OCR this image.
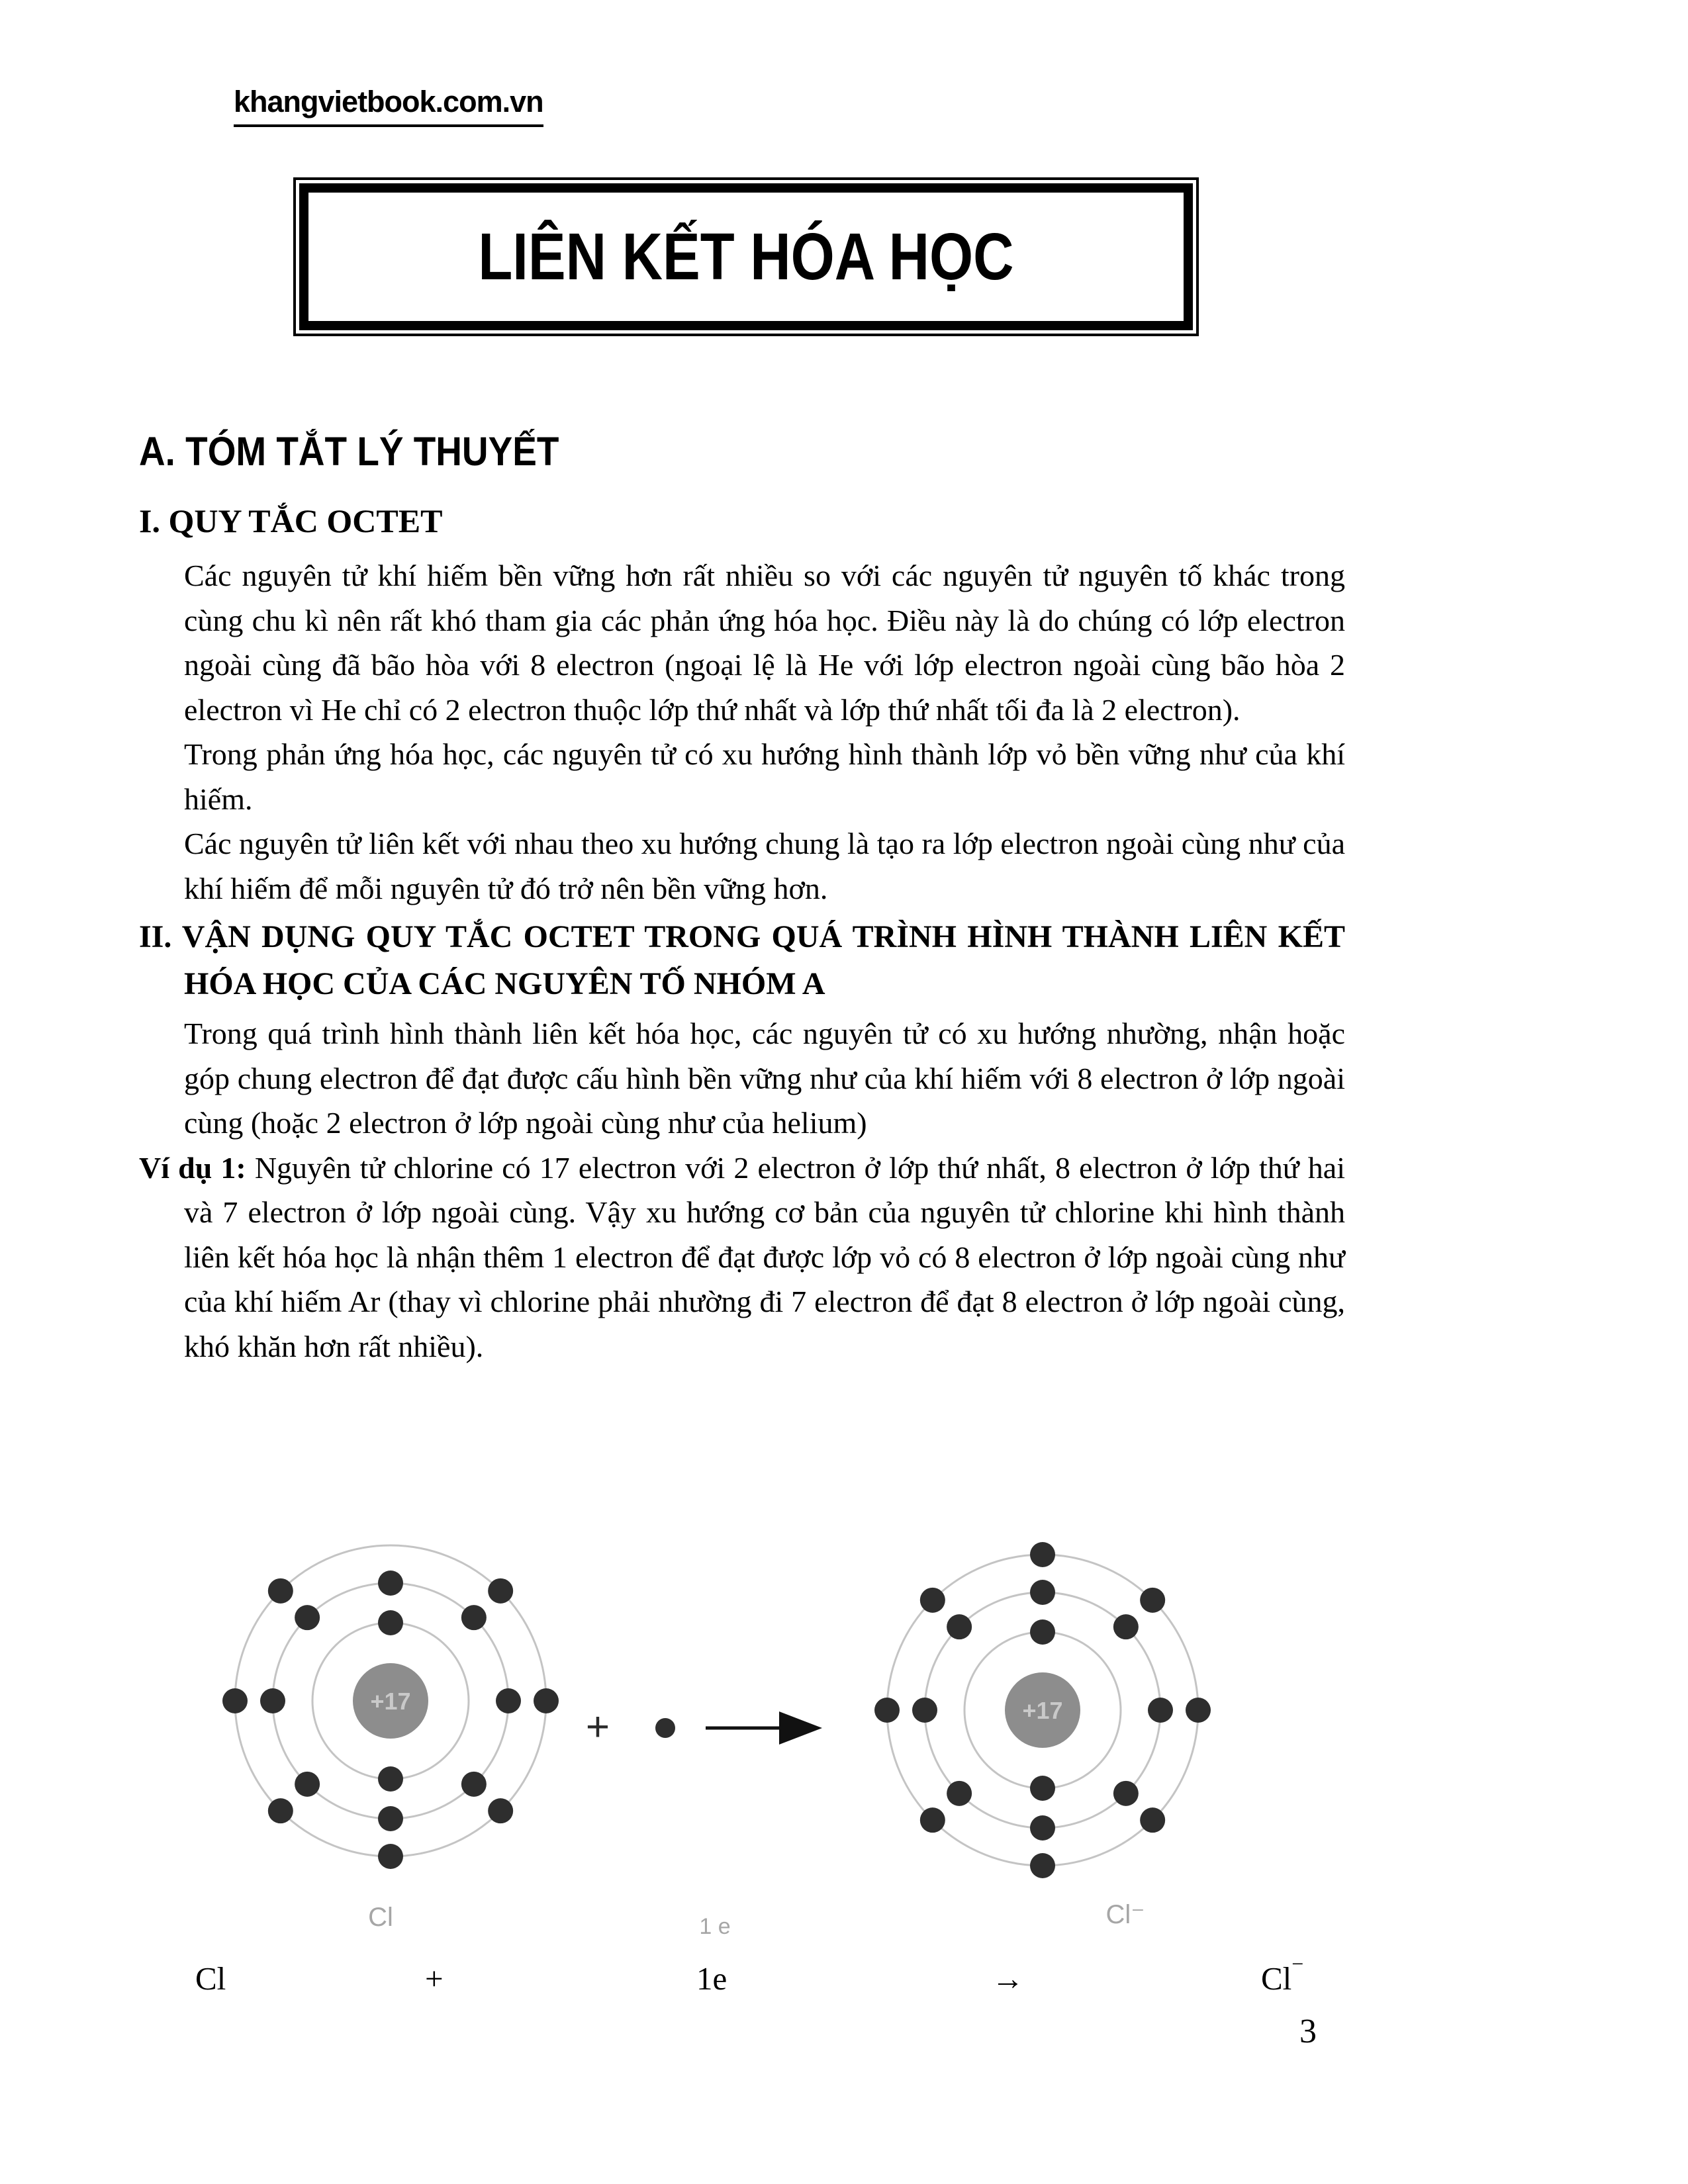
khangvietbook.com.vn
LIÊN KẾT HÓA HỌC
A. TÓM TẮT LÝ THUYẾT
I. QUY TẮC OCTET

Các nguyên tử khí hiếm bền vững hơn rất nhiều so với các nguyên tử nguyên tố khác trong cùng chu kì nên rất khó tham gia các phản ứng hóa học. Điều này là do chúng có lớp electron ngoài cùng đã bão hòa với 8 electron (ngoại lệ là He với lớp electron ngoài cùng bão hòa 2 electron vì He chỉ có 2 electron thuộc lớp thứ nhất và lớp thứ nhất tối đa là 2 electron).

Trong phản ứng hóa học, các nguyên tử có xu hướng hình thành lớp vỏ bền vững như của khí hiếm.

Các nguyên tử liên kết với nhau theo xu hướng chung là tạo ra lớp electron ngoài cùng như của khí hiếm để mỗi nguyên tử đó trở nên bền vững hơn.

II. VẬN DỤNG QUY TẮC OCTET TRONG QUÁ TRÌNH HÌNH THÀNH LIÊN KẾT HÓA HỌC CỦA CÁC NGUYÊN TỐ NHÓM A

Trong quá trình hình thành liên kết hóa học, các nguyên tử có xu hướng nhường, nhận hoặc góp chung electron để đạt được cấu hình bền vững như của khí hiếm với 8 electron ở lớp ngoài cùng (hoặc 2 electron ở lớp ngoài cùng như của helium)

Ví dụ 1: Nguyên tử chlorine có 17 electron với 2 electron ở lớp thứ nhất, 8 electron ở lớp thứ hai và 7 electron ở lớp ngoài cùng. Vậy xu hướng cơ bản của nguyên tử chlorine khi hình thành liên kết hóa học là nhận thêm 1 electron để đạt được lớp vỏ có 8 electron ở lớp ngoài cùng như của khí hiếm Ar (thay vì chlorine phải nhường đi 7 electron để đạt 8 electron ở lớp ngoài cùng, khó khăn hơn rất nhiều).

+17
Cl
+17
Cl⁻
+
1 e
Cl	+	1e	→	Cl−
3
